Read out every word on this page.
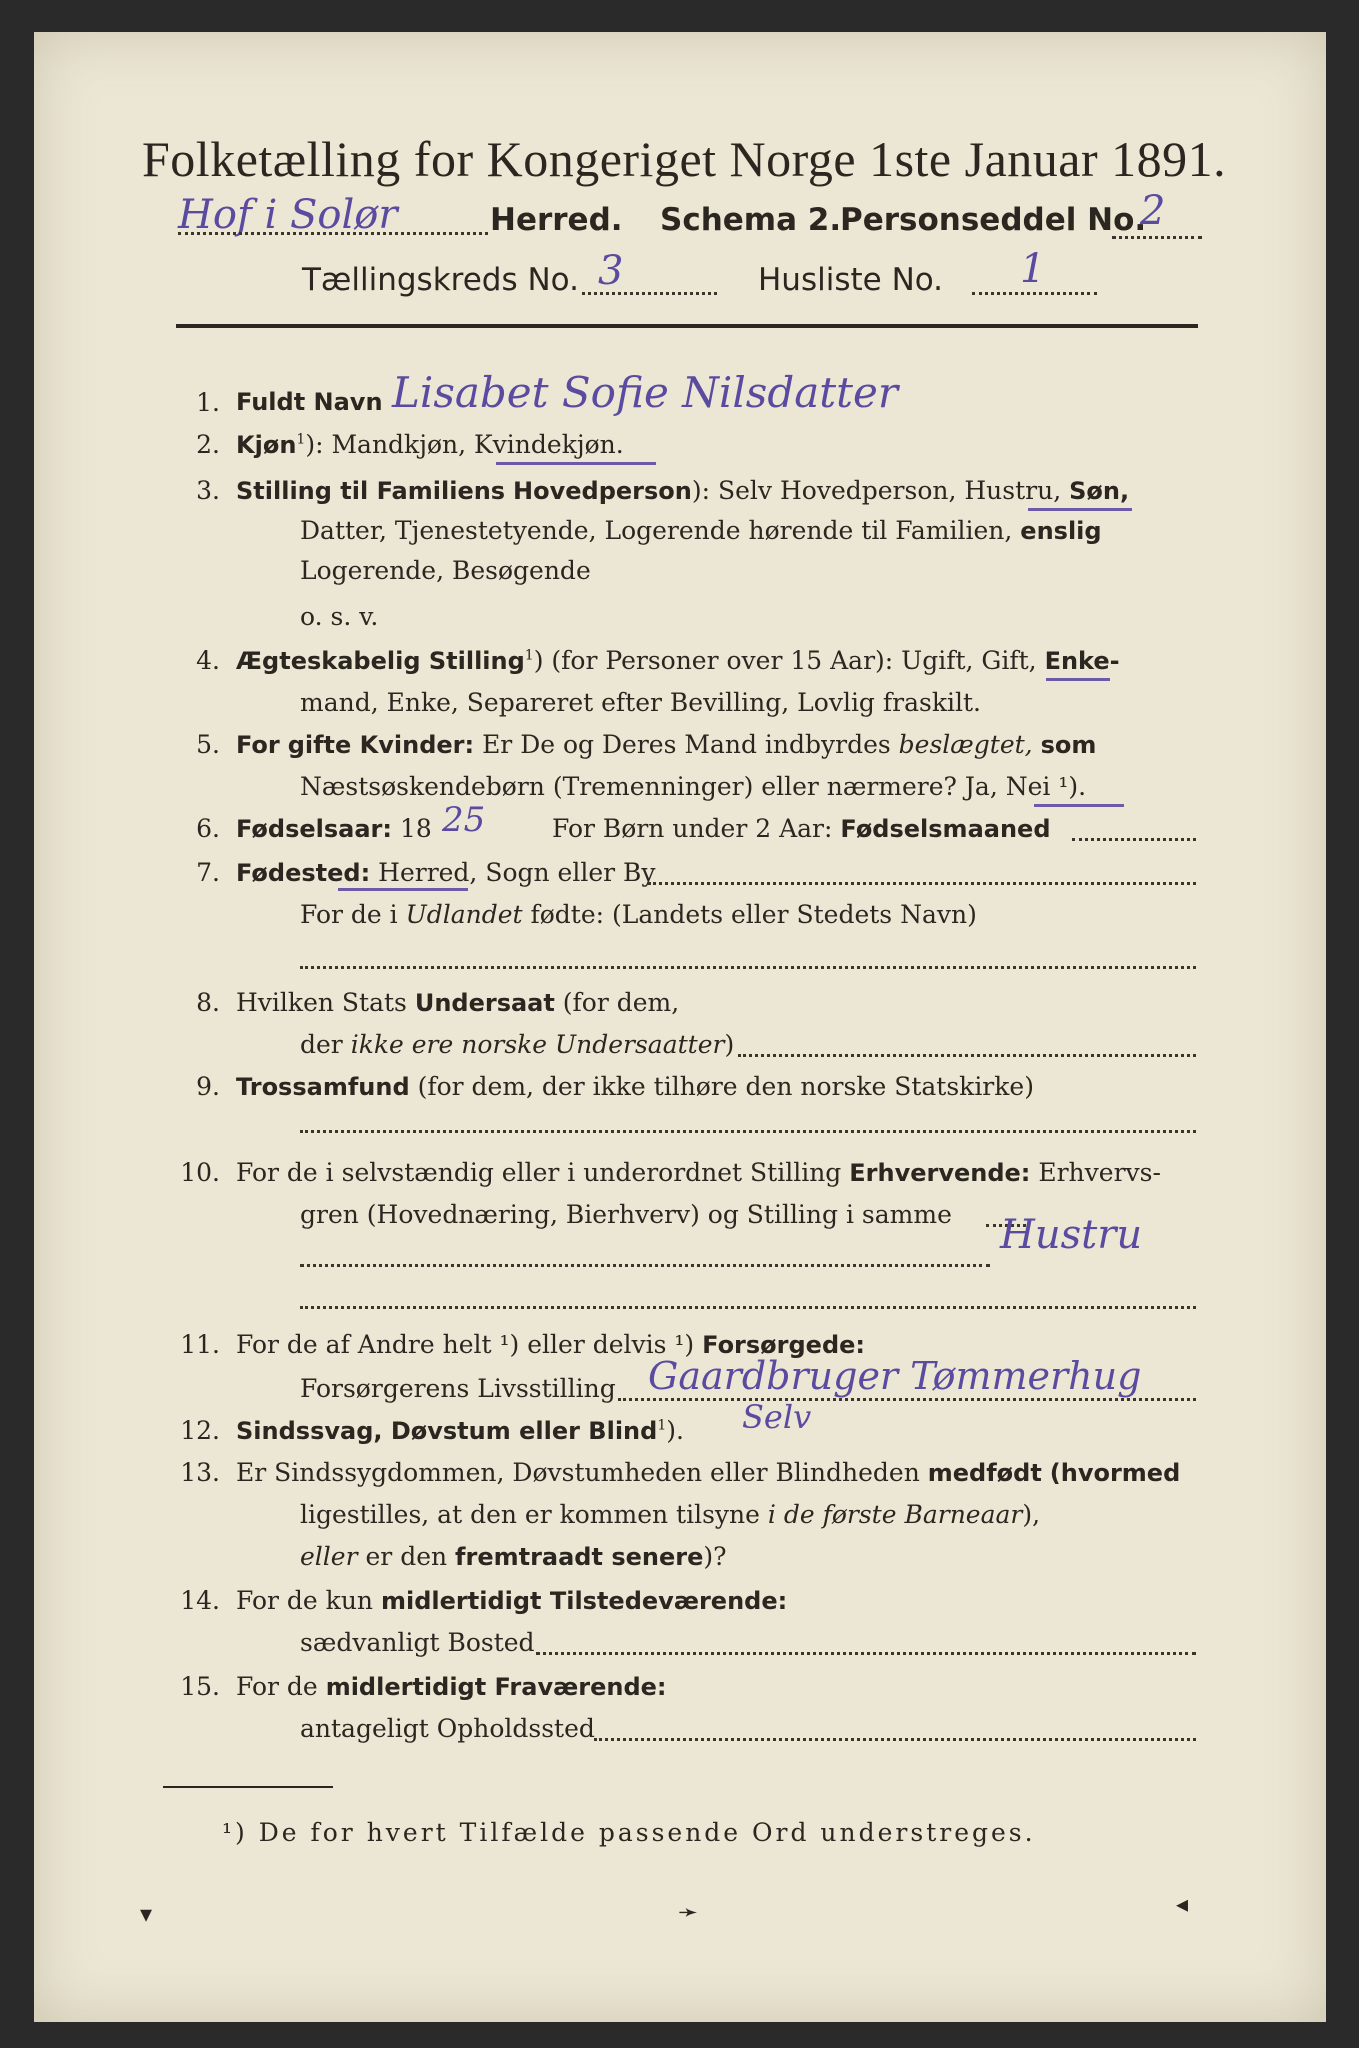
Folketælling for Kongeriget Norge 1ste Januar 1891.
Hof i Solør	Herred. Schema 2.
Personseddel No.
2
Tællingskreds No. 3	Husliste No. 1
1. Fuldt Navn Lisabet Sofie Nilsdatter
2. Kjøn$^1$): Mandkjøn, Kvindekjøn.
3. Stilling til Familiens Hovedperson): Selv Hovedperson, Hustru, Søn,
Datter, Tjenestetyende, Logerende hørende til Familien, enslig
Logerende, Besøgende
o. s. v.
4. Ægteskabelig Stilling$^1$) (for Personer over 15 Aar): Ugift, Gift, Enke-
mand, Enke, Separeret efter Bevilling, Lovlig fraskilt.
5. For gifte Kvinder: Er De og Deres Mand indbyrdes beslægtet, som
Næstsøskendebørn (Tremenninger) eller nærmere? Ja, Nei ¹).
6. Fødselsaar: 18 25	For Børn under 2 Aar: Fødselsmaaned
7. Fødested: Herred, Sogn eller By
For de i Udlandet fødte: (Landets eller Stedets Navn)
8. Hvilken Stats Undersaat (for dem,
der ikke ere norske Undersaatter)
9. Trossamfund (for dem, der ikke tilhøre den norske Statskirke)
10. For de i selvstændig eller i underordnet Stilling Erhvervende: Erhvervs-
gren (Hovednæring, Bierhverv) og Stilling i samme Hustru
11. For de af Andre helt ¹) eller delvis ¹) Forsørgede:
Forsørgerens Livsstilling Gaardbruger Tømmerhug
Selv
12. Sindssvag, Døvstum eller Blind$^1$).
13. Er Sindssygdommen, Døvstumheden eller Blindheden medfødt (hvormed
ligestilles, at den er kommen tilsyne i de første Barneaar),
eller er den fremtraadt senere)?
14. For de kun midlertidigt Tilstedeværende:
sædvanligt Bosted
15. For de midlertidigt Fraværende:
antageligt Opholdssted
¹) De for hvert Tilfælde passende Ord understreges.
▾	➛	◂
